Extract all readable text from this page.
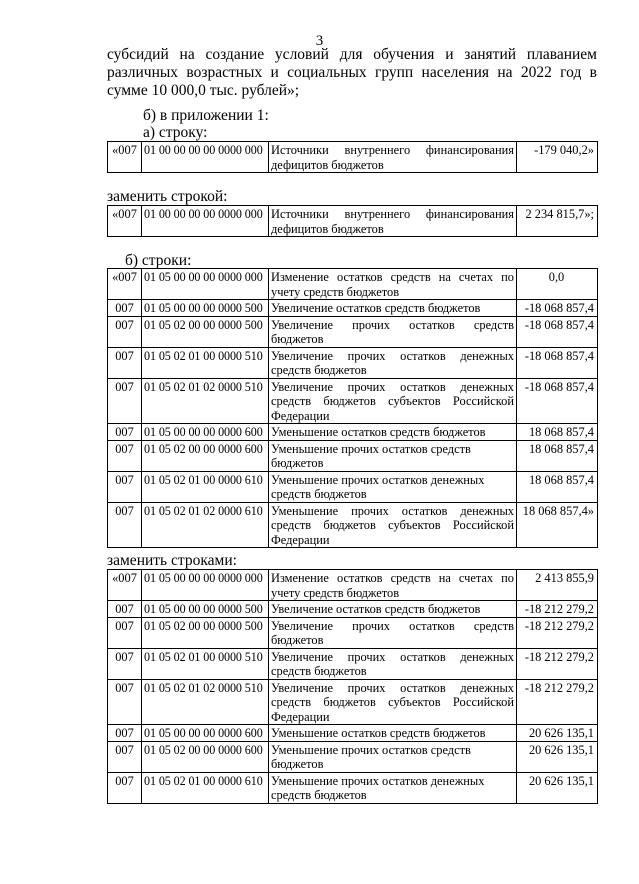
3
субсидий на создание условий для обучения и занятий плаванием различных возрастных и социальных групп населения на 2022 год в сумме 10 000,0 тыс. рублей»;
б) в приложении 1:
а) строку:
«007	01 00 00 00 00 0000 000	Источники внутреннего финансирования дефицитов бюджетов	-179 040,2»
заменить строкой:
«007	01 00 00 00 00 0000 000	Источники внутреннего финансирования дефицитов бюджетов	2 234 815,7»;
б) строки:
«007	01 05 00 00 00 0000 000	Изменение остатков средств на счетах по учету средств бюджетов	0,0
007	01 05 00 00 00 0000 500	Увеличение остатков средств бюджетов	-18 068 857,4
007	01 05 02 00 00 0000 500	Увеличение прочих остатков средств бюджетов	-18 068 857,4
007	01 05 02 01 00 0000 510	Увеличение прочих остатков денежных средств бюджетов	-18 068 857,4
007	01 05 02 01 02 0000 510	Увеличение прочих остатков денежных средств бюджетов субъектов Российской Федерации	-18 068 857,4
007	01 05 00 00 00 0000 600	Уменьшение остатков средств бюджетов	18 068 857,4
007	01 05 02 00 00 0000 600	Уменьшение прочих остатков средств бюджетов	18 068 857,4
007	01 05 02 01 00 0000 610	Уменьшение прочих остатков денежных средств бюджетов	18 068 857,4
007	01 05 02 01 02 0000 610	Уменьшение прочих остатков денежных средств бюджетов субъектов Российской Федерации	18 068 857,4»
заменить строками:
«007	01 05 00 00 00 0000 000	Изменение остатков средств на счетах по учету средств бюджетов	2 413 855,9
007	01 05 00 00 00 0000 500	Увеличение остатков средств бюджетов	-18 212 279,2
007	01 05 02 00 00 0000 500	Увеличение прочих остатков средств бюджетов	-18 212 279,2
007	01 05 02 01 00 0000 510	Увеличение прочих остатков денежных средств бюджетов	-18 212 279,2
007	01 05 02 01 02 0000 510	Увеличение прочих остатков денежных средств бюджетов субъектов Российской Федерации	-18 212 279,2
007	01 05 00 00 00 0000 600	Уменьшение остатков средств бюджетов	20 626 135,1
007	01 05 02 00 00 0000 600	Уменьшение прочих остатков средств бюджетов	20 626 135,1
007	01 05 02 01 00 0000 610	Уменьшение прочих остатков денежных средств бюджетов	20 626 135,1
